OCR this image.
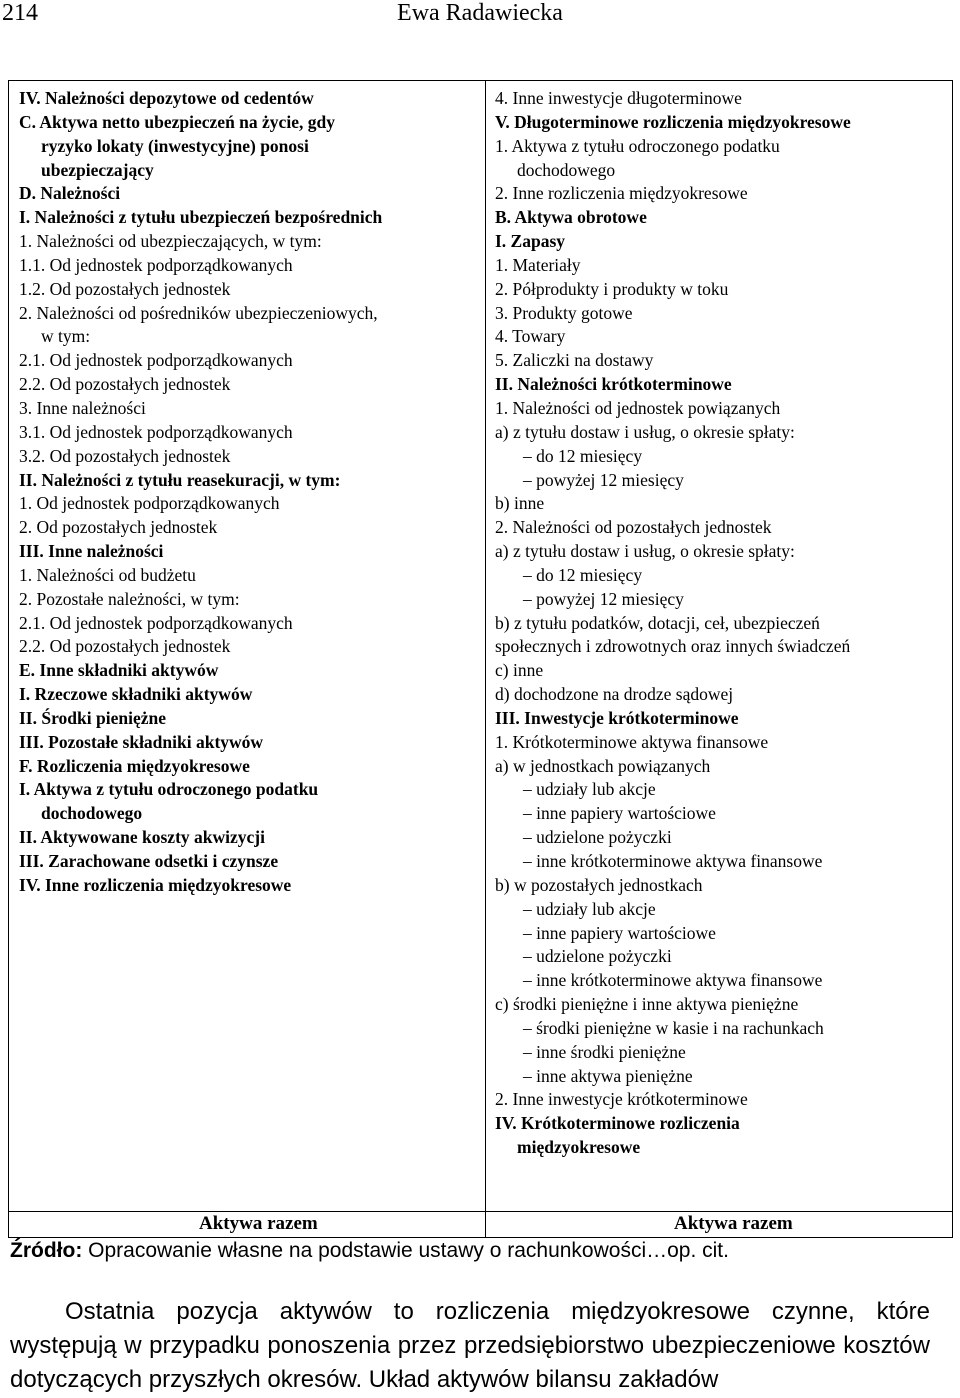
214	Ewa Radawiecka
IV. Należności depozytowe od cedentów
C. Aktywa netto ubezpieczeń na życie, gdy
ryzyko lokaty (inwestycyjne) ponosi
ubezpieczający
D. Należności
I. Należności z tytułu ubezpieczeń bezpośrednich
1. Należności od ubezpieczających, w tym:
1.1. Od jednostek podporządkowanych
1.2. Od pozostałych jednostek
2. Należności od pośredników ubezpieczeniowych,
w tym:
2.1. Od jednostek podporządkowanych
2.2. Od pozostałych jednostek
3. Inne należności
3.1. Od jednostek podporządkowanych
3.2. Od pozostałych jednostek
II. Należności z tytułu reasekuracji, w tym:
1. Od jednostek podporządkowanych
2. Od pozostałych jednostek
III. Inne należności
1. Należności od budżetu
2. Pozostałe należności, w tym:
2.1. Od jednostek podporządkowanych
2.2. Od pozostałych jednostek
E. Inne składniki aktywów
I. Rzeczowe składniki aktywów
II. Środki pieniężne
III. Pozostałe składniki aktywów
F. Rozliczenia międzyokresowe
I. Aktywa z tytułu odroczonego podatku
dochodowego
II. Aktywowane koszty akwizycji
III. Zarachowane odsetki i czynsze
IV. Inne rozliczenia międzyokresowe
4. Inne inwestycje długoterminowe
V. Długoterminowe rozliczenia międzyokresowe
1. Aktywa z tytułu odroczonego podatku
dochodowego
2. Inne rozliczenia międzyokresowe
B. Aktywa obrotowe
I. Zapasy
1. Materiały
2. Półprodukty i produkty w toku
3. Produkty gotowe
4. Towary
5. Zaliczki na dostawy
II. Należności krótkoterminowe
1. Należności od jednostek powiązanych
a) z tytułu dostaw i usług, o okresie spłaty:
– do 12 miesięcy
– powyżej 12 miesięcy
b) inne
2. Należności od pozostałych jednostek
a) z tytułu dostaw i usług, o okresie spłaty:
– do 12 miesięcy
– powyżej 12 miesięcy
b) z tytułu podatków, dotacji, ceł, ubezpieczeń
społecznych i zdrowotnych oraz innych świadczeń
c) inne
d) dochodzone na drodze sądowej
III. Inwestycje krótkoterminowe
1. Krótkoterminowe aktywa finansowe
a) w jednostkach powiązanych
– udziały lub akcje
– inne papiery wartościowe
– udzielone pożyczki
– inne krótkoterminowe aktywa finansowe
b) w pozostałych jednostkach
– udziały lub akcje
– inne papiery wartościowe
– udzielone pożyczki
– inne krótkoterminowe aktywa finansowe
c) środki pieniężne i inne aktywa pieniężne
– środki pieniężne w kasie i na rachunkach
– inne środki pieniężne
– inne aktywa pieniężne
2. Inne inwestycje krótkoterminowe
IV. Krótkoterminowe rozliczenia
międzyokresowe
Aktywa razem	Aktywa razem
Źródło: Opracowanie własne na podstawie ustawy o rachunkowości…op. cit.
Ostatnia pozycja aktywów to rozliczenia międzyokresowe czynne, które występują w przypadku ponoszenia przez przedsiębiorstwo ubezpieczeniowe kosztów dotyczących przyszłych okresów. Układ aktywów bilansu zakładów
